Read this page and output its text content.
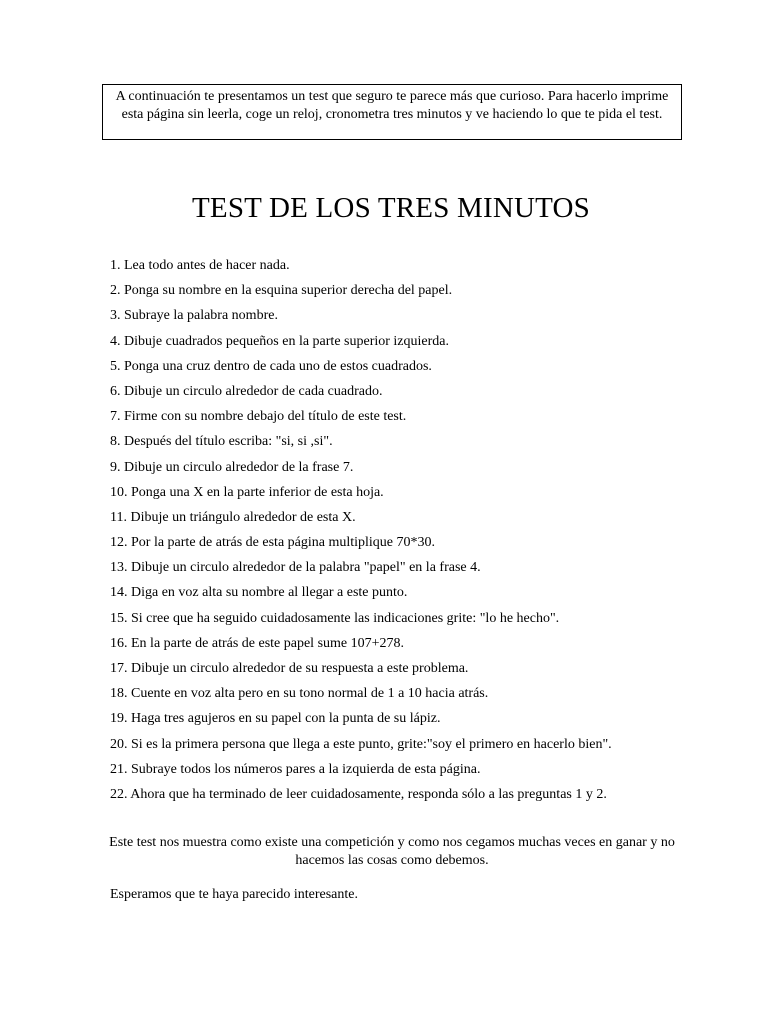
A continuación te presentamos un test que seguro te parece más que curioso. Para hacerlo imprime esta página sin leerla, coge un reloj, cronometra tres minutos y ve haciendo lo que te pida el test.
TEST DE LOS TRES MINUTOS
1. Lea todo antes de hacer nada.
2. Ponga su nombre en la esquina superior derecha del papel.
3. Subraye la palabra nombre.
4. Dibuje cuadrados pequeños en la parte superior izquierda.
5. Ponga una cruz dentro de cada uno de estos cuadrados.
6. Dibuje un circulo alrededor de cada cuadrado.
7. Firme con su nombre debajo del título de este test.
8. Después del título escriba: "si, si ,si".
9. Dibuje un circulo alrededor de la frase 7.
10. Ponga una X en la parte inferior de esta hoja.
11. Dibuje un triángulo alrededor de esta X.
12. Por la parte de atrás de esta página multiplique 70*30.
13. Dibuje un circulo alrededor de la palabra "papel" en la frase 4.
14. Diga en voz alta su nombre al llegar a este punto.
15. Si cree que ha seguido cuidadosamente las indicaciones grite: "lo he hecho".
16. En la parte de atrás de este papel sume 107+278.
17. Dibuje un circulo alrededor de su respuesta a este problema.
18. Cuente en voz alta pero en su tono normal de 1 a 10 hacia atrás.
19. Haga tres agujeros en su papel con la punta de su lápiz.
20. Si es la primera persona que llega a este punto, grite:"soy el primero en hacerlo bien".
21. Subraye todos los números pares a la izquierda de esta página.
22. Ahora que ha terminado de leer cuidadosamente, responda sólo a las preguntas 1 y 2.

Este test nos muestra como existe una competición y como nos cegamos muchas veces en ganar y no hacemos las cosas como debemos.

Esperamos que te haya parecido interesante.
